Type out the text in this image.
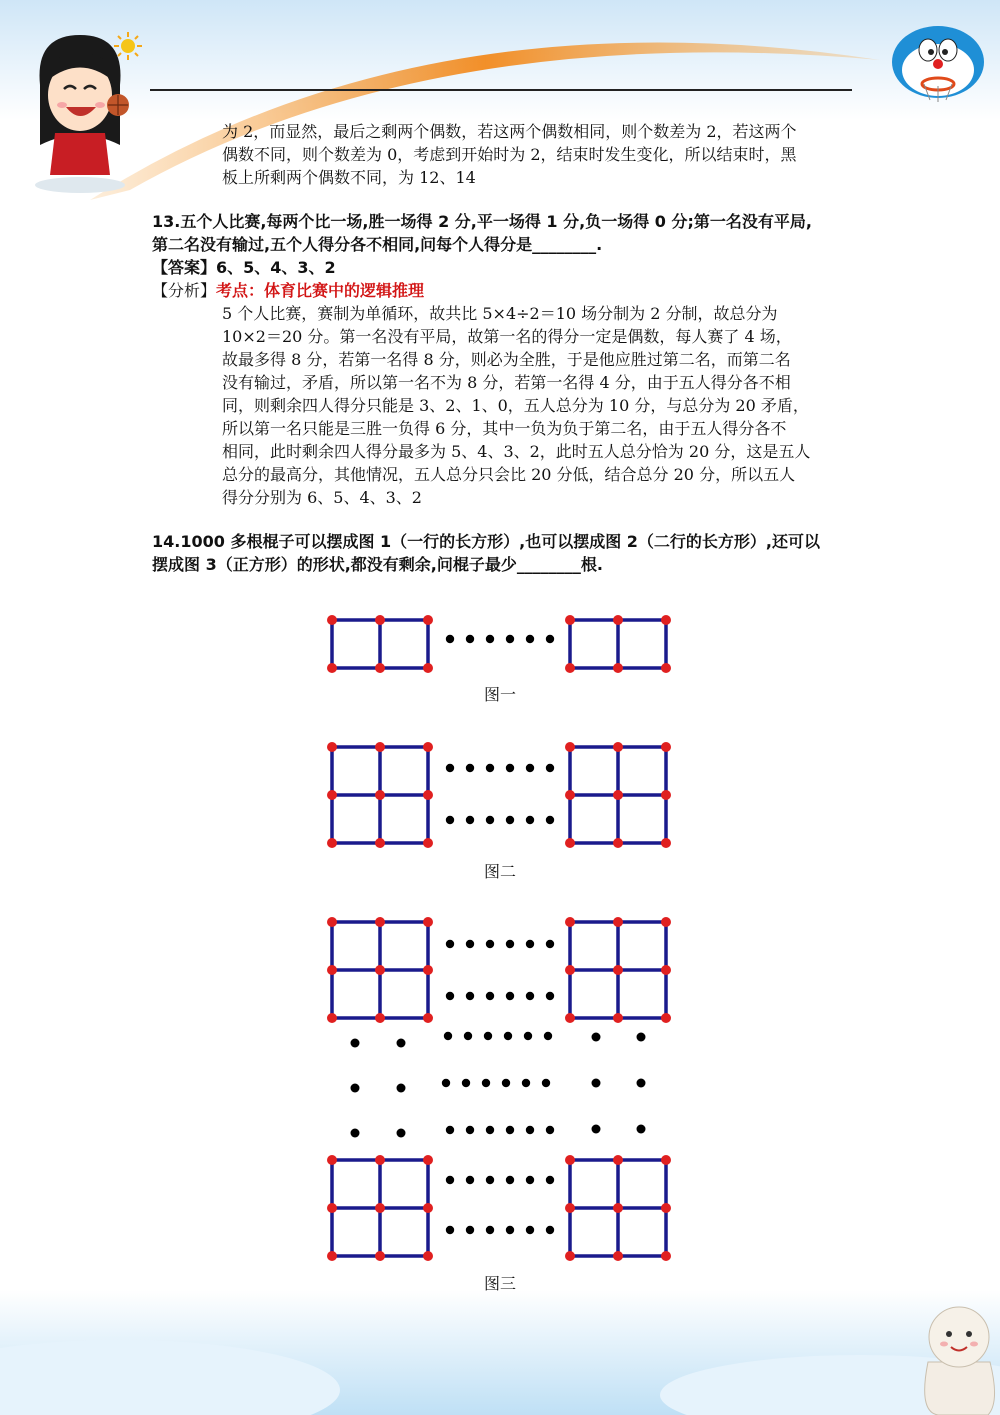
为 2，而显然，最后之剩两个偶数，若这两个偶数相同，则个数差为 2，若这两个
偶数不同，则个数差为 0，考虑到开始时为 2，结束时发生变化，所以结束时，黑
板上所剩两个偶数不同，为 12、14

13.五个人比赛,每两个比一场,胜一场得 2 分,平一场得 1 分,负一场得 0 分;第一名没有平局,
第二名没有输过,五个人得分各不相同,问每个人得分是________.
【答案】6、5、4、3、2

【分析】考点：体育比赛中的逻辑推理

5 个人比赛，赛制为单循环，故共比 5×4÷2＝10 场分制为 2 分制，故总分为
10×2＝20 分。第一名没有平局，故第一名的得分一定是偶数，每人赛了 4 场，
故最多得 8 分，若第一名得 8 分，则必为全胜，于是他应胜过第二名，而第二名
没有输过，矛盾，所以第一名不为 8 分，若第一名得 4 分，由于五人得分各不相
同，则剩余四人得分只能是 3、2、1、0，五人总分为 10 分，与总分为 20 矛盾，
所以第一名只能是三胜一负得 6 分，其中一负为负于第二名，由于五人得分各不
相同，此时剩余四人得分最多为 5、4、3、2，此时五人总分恰为 20 分，这是五人
总分的最高分，其他情况，五人总分只会比 20 分低，结合总分 20 分，所以五人
得分分别为 6、5、4、3、2

14.1000 多根棍子可以摆成图 1（一行的长方形）,也可以摆成图 2（二行的长方形）,还可以
摆成图 3（正方形）的形状,都没有剩余,问棍子最少________根.

图一
图二
图三
